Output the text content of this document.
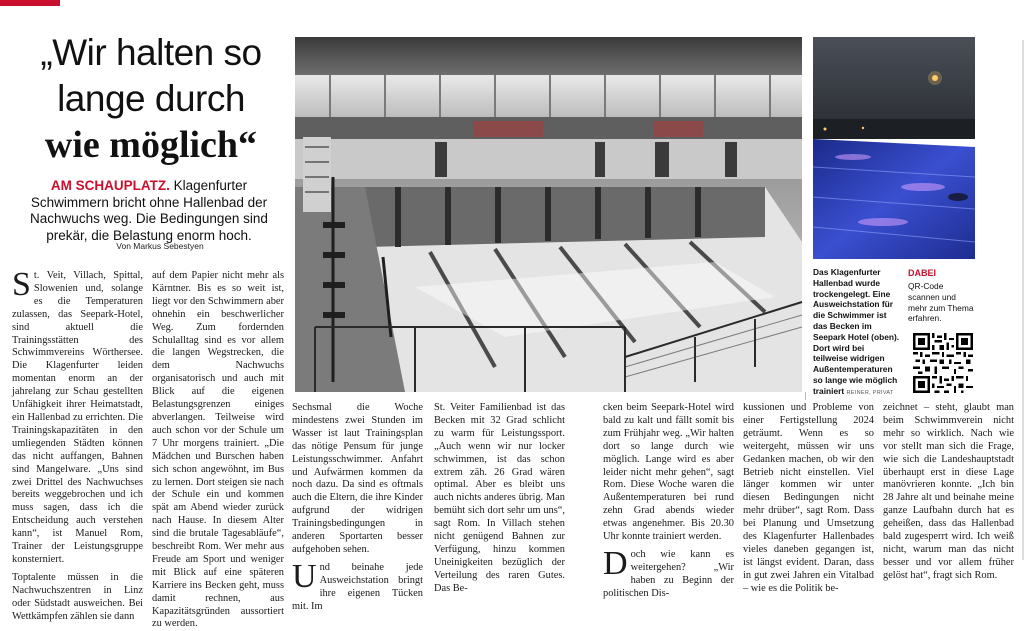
„Wir halten so
lange durch
wie möglich“

AM SCHAUPLATZ. Klagenfurter Schwimmern bricht ohne Hallenbad der Nachwuchs weg. Die Bedingungen sind prekär, die Belastung enorm hoch.

Von Markus Sebestyen

St. Veit, Villach, Spittal, Slowenien und, solange es die Temperaturen zulassen, das Seepark-Hotel, sind aktuell die Trainingsstätten des Schwimmvereins Wörthersee. Die Klagenfurter leiden momentan enorm an der jahrelang zur Schau gestellten Unfähigkeit ihrer Heimatstadt, ein Hallenbad zu errichten. Die Trainingskapazitäten in den umliegenden Städten können das nicht auffangen, Bahnen sind Mangelware. „Uns sind zwei Drittel des Nachwuchses bereits weggebrochen und ich muss sagen, dass ich die Entscheidung auch verstehen kann“, ist Manuel Rom, Trainer der Leistungsgruppe konsterniert.

Toptalente müssen in die Nachwuchszentren in Linz oder Südstadt ausweichen. Bei Wettkämpfen zählen sie dann

auf dem Papier nicht mehr als Kärntner. Bis es so weit ist, liegt vor den Schwimmern aber ohnehin ein beschwerlicher Weg. Zum fordernden Schulalltag sind es vor allem die langen Wegstrecken, die dem Nachwuchs organisatorisch und auch mit Blick auf die eigenen Belastungsgrenzen einiges abverlangen. Teilweise wird auch schon vor der Schule um 7 Uhr morgens trainiert. „Die Mädchen und Burschen haben sich schon angewöhnt, im Bus zu lernen. Dort steigen sie nach der Schule ein und kommen spät am Abend wieder zurück nach Hause. In diesem Alter sind die brutale Tagesabläufe“, beschreibt Rom. Wer mehr aus Freude am Sport und weniger mit Blick auf eine späteren Karriere ins Becken geht, muss damit rechnen, aus Kapazitätsgründen aussortiert zu werden.

Das Klagenfurter Hallenbad wurde trockengelegt. Eine Ausweichstation für die Schwimmer ist das Becken im Seepark Hotel (oben). Dort wird bei teilweise widrigen Außentemperaturen so lange wie möglich trainiert REINER, PRIVAT
DABEI
QR-Code scannen und mehr zum Thema erfahren.

Sechsmal die Woche mindestens zwei Stunden im Wasser ist laut Trainingsplan das nötige Pensum für junge Leistungsschwimmer. Anfahrt und Aufwärmen kommen da noch dazu. Da sind es oftmals auch die Eltern, die ihre Kinder aufgrund der widrigen Trainingsbedingungen in anderen Sportarten besser aufgehoben sehen.

Und beinahe jede Ausweichstation bringt ihre eigenen Tücken mit. Im

St. Veiter Familienbad ist das Becken mit 32 Grad schlicht zu warm für Leistungssport. „Auch wenn wir nur locker schwimmen, ist das schon extrem zäh. 26 Grad wären optimal. Aber es bleibt uns auch nichts anderes übrig. Man bemüht sich dort sehr um uns“, sagt Rom. In Villach stehen nicht genügend Bahnen zur Verfügung, hinzu kommen Uneinigkeiten bezüglich der Verteilung des raren Gutes. Das Be-

cken beim Seepark-Hotel wird bald zu kalt und fällt somit bis zum Frühjahr weg. „Wir halten dort so lange durch wie möglich. Lange wird es aber leider nicht mehr gehen“, sagt Rom. Diese Woche waren die Außentemperaturen bei rund zehn Grad abends wieder etwas angenehmer. Bis 20.30 Uhr konnte trainiert werden.

Doch wie kann es weitergehen? „Wir haben zu Beginn der politischen Dis-

kussionen und Probleme von einer Fertigstellung 2024 geträumt. Wenn es so weitergeht, müssen wir uns Gedanken machen, ob wir den Betrieb nicht einstellen. Viel länger kommen wir unter diesen Bedingungen nicht mehr drüber“, sagt Rom. Dass bei Planung und Umsetzung des Klagenfurter Hallenbades vieles daneben gegangen ist, ist längst evident. Daran, dass in gut zwei Jahren ein Vitalbad – wie es die Politik be-

zeichnet – steht, glaubt man beim Schwimmverein nicht mehr so wirklich. Nach wie vor stellt man sich die Frage, wie sich die Landeshauptstadt überhaupt erst in diese Lage manövrieren konnte. „Ich bin 28 Jahre alt und beinahe meine ganze Laufbahn durch hat es geheißen, dass das Hallenbad bald zugesperrt wird. Ich weiß nicht, warum man das nicht besser und vor allem früher gelöst hat“, fragt sich Rom.
